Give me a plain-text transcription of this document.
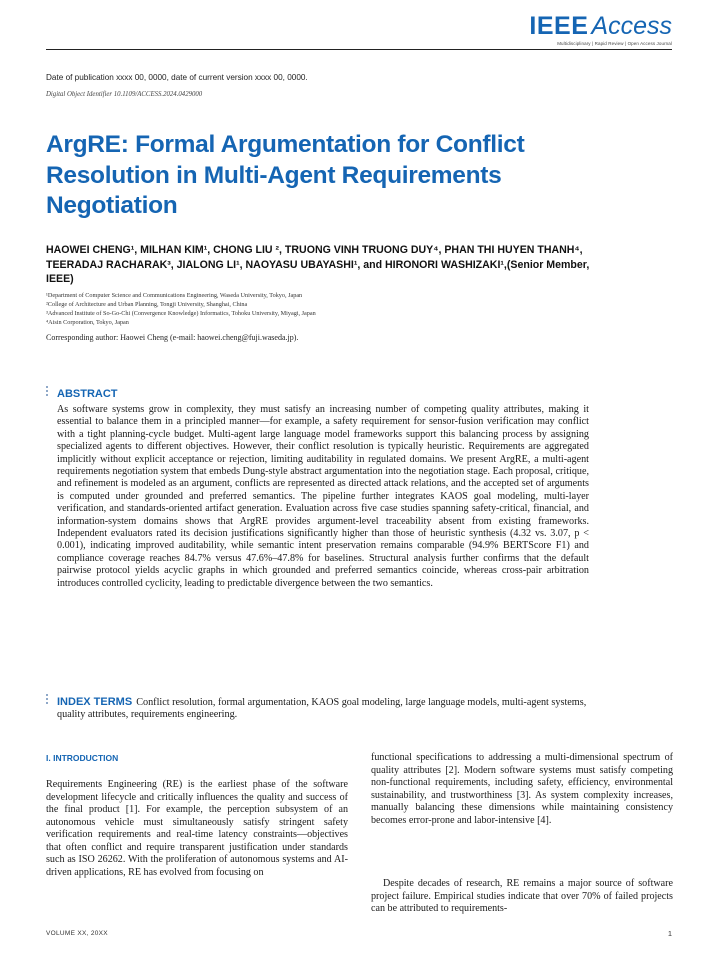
IEEE Access
Multidisciplinary | Rapid Review | Open Access Journal
Date of publication xxxx 00, 0000, date of current version xxxx 00, 0000.
Digital Object Identifier 10.1109/ACCESS.2024.0429000
ArgRE: Formal Argumentation for Conflict Resolution in Multi-Agent Requirements Negotiation
HAOWEI CHENG¹, MILHAN KIM¹, CHONG LIU ², TRUONG VINH TRUONG DUY⁴, PHAN THI HUYEN THANH⁴, TEERADAJ RACHARAK³, JIALONG LI¹, NAOYASU UBAYASHI¹, and HIRONORI WASHIZAKI¹,(Senior Member, IEEE)
¹Department of Computer Science and Communications Engineering, Waseda University, Tokyo, Japan
²College of Architecture and Urban Planning, Tongji University, Shanghai, China
³Advanced Institute of So-Go-Chi (Convergence Knowledge) Informatics, Tohoku University, Miyagi, Japan
⁴Aisin Corporation, Tokyo, Japan
Corresponding author: Haowei Cheng (e-mail: haowei.cheng@fuji.waseda.jp).
ABSTRACT

As software systems grow in complexity, they must satisfy an increasing number of competing quality attributes, making it essential to balance them in a principled manner—for example, a safety requirement for sensor-fusion verification may conflict with a tight planning-cycle budget. Multi-agent large language model frameworks support this balancing process by assigning specialized agents to different objectives. However, their conflict resolution is typically heuristic. Requirements are aggregated implicitly without explicit acceptance or rejection, limiting auditability in regulated domains. We present ArgRE, a multi-agent requirements negotiation system that embeds Dung-style abstract argumentation into the negotiation stage. Each proposal, critique, and refinement is modeled as an argument, conflicts are represented as directed attack relations, and the accepted set of arguments is computed under grounded and preferred semantics. The pipeline further integrates KAOS goal modeling, multi-layer verification, and standards-oriented artifact generation. Evaluation across five case studies spanning safety-critical, financial, and information-system domains shows that ArgRE provides argument-level traceability absent from existing frameworks. Independent evaluators rated its decision justifications significantly higher than those of heuristic synthesis (4.32 vs. 3.07, p < 0.001), indicating improved auditability, while semantic intent preservation remains comparable (94.9% BERTScore F1) and compliance coverage reaches 84.7% versus 47.6%–47.8% for baselines. Structural analysis further confirms that the default pairwise protocol yields acyclic graphs in which grounded and preferred semantics coincide, whereas cross-pair arbitration introduces controlled cyclicity, leading to predictable divergence between the two semantics.

INDEX TERMS Conflict resolution, formal argumentation, KAOS goal modeling, large language models, multi-agent systems, quality attributes, requirements engineering.

I. INTRODUCTION

Requirements Engineering (RE) is the earliest phase of the software development lifecycle and critically influences the quality and success of the final product [1]. For example, the perception subsystem of an autonomous vehicle must simultaneously satisfy stringent safety verification requirements and real-time latency constraints—objectives that often conflict and require transparent justification under standards such as ISO 26262. With the proliferation of autonomous systems and AI-driven applications, RE has evolved from focusing on

functional specifications to addressing a multi-dimensional spectrum of quality attributes [2]. Modern software systems must satisfy competing non-functional requirements, including safety, efficiency, environmental sustainability, and trustworthiness [3]. As system complexity increases, manually balancing these dimensions while maintaining consistency becomes error-prone and labor-intensive [4].

Despite decades of research, RE remains a major source of software project failure. Empirical studies indicate that over 70% of failed projects can be attributed to requirements-

VOLUME XX, 20XX	1
